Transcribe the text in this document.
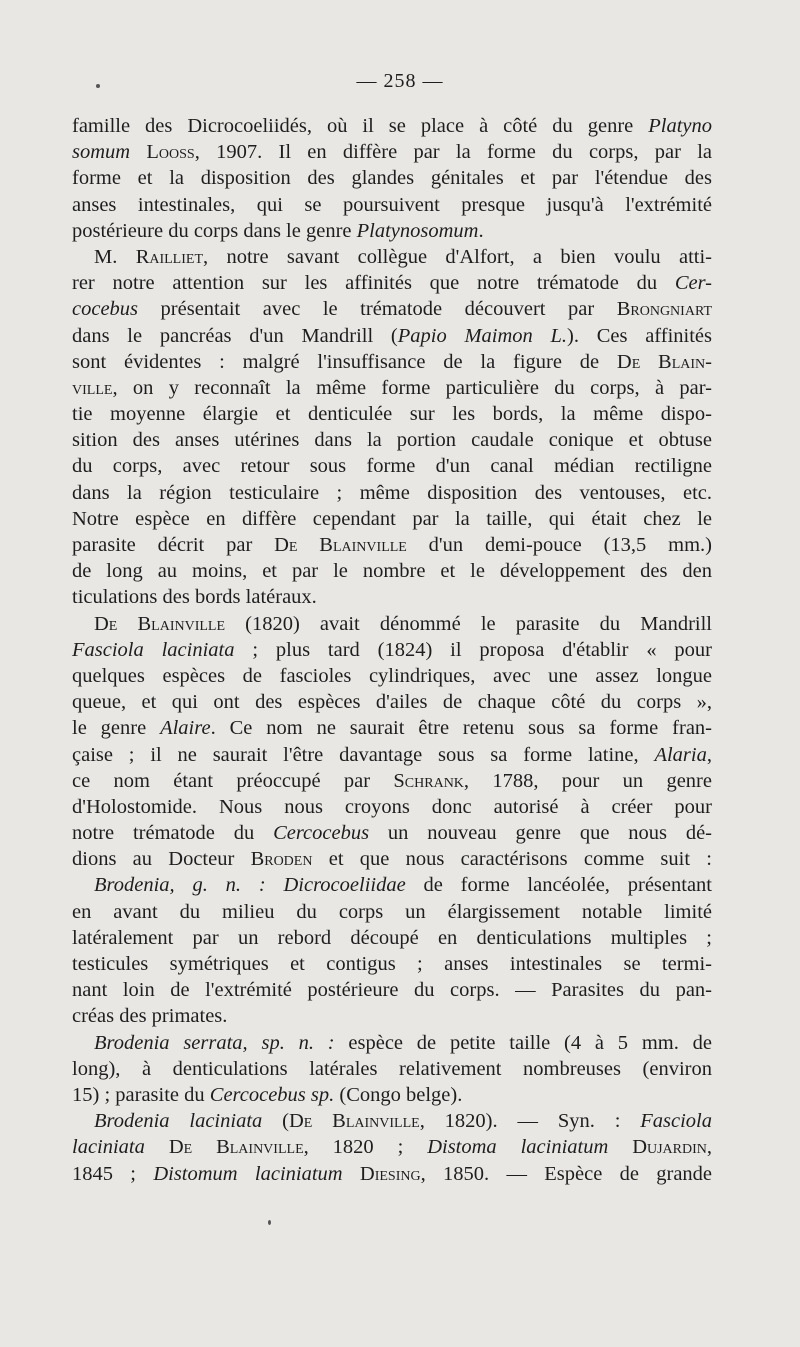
— 258 —
famille des Dicrocoeliidés, où il se place à côté du genre Platyno
somum Looss, 1907. Il en diffère par la forme du corps, par la
forme et la disposition des glandes génitales et par l'étendue des
anses intestinales, qui se poursuivent presque jusqu'à l'extrémité
postérieure du corps dans le genre Platynosomum.
M. Railliet, notre savant collègue d'Alfort, a bien voulu atti-
rer notre attention sur les affinités que notre trématode du Cer-
cocebus présentait avec le trématode découvert par Brongniart
dans le pancréas d'un Mandrill (Papio Maimon L.). Ces affinités
sont évidentes : malgré l'insuffisance de la figure de De Blain-
ville, on y reconnaît la même forme particulière du corps, à par-
tie moyenne élargie et denticulée sur les bords, la même dispo-
sition des anses utérines dans la portion caudale conique et obtuse
du corps, avec retour sous forme d'un canal médian rectiligne
dans la région testiculaire ; même disposition des ventouses, etc.
Notre espèce en diffère cependant par la taille, qui était chez le
parasite décrit par De Blainville d'un demi-pouce (13,5 mm.)
de long au moins, et par le nombre et le développement des den
ticulations des bords latéraux.
De Blainville (1820) avait dénommé le parasite du Mandrill
Fasciola laciniata ; plus tard (1824) il proposa d'établir « pour
quelques espèces de fascioles cylindriques, avec une assez longue
queue, et qui ont des espèces d'ailes de chaque côté du corps »,
le genre Alaire. Ce nom ne saurait être retenu sous sa forme fran-
çaise ; il ne saurait l'être davantage sous sa forme latine, Alaria,
ce nom étant préoccupé par Schrank, 1788, pour un genre
d'Holostomide. Nous nous croyons donc autorisé à créer pour
notre trématode du Cercocebus un nouveau genre que nous dé-
dions au Docteur Broden et que nous caractérisons comme suit :
Brodenia, g. n. : Dicrocoeliidae de forme lancéolée, présentant
en avant du milieu du corps un élargissement notable limité
latéralement par un rebord découpé en denticulations multiples ;
testicules symétriques et contigus ; anses intestinales se termi-
nant loin de l'extrémité postérieure du corps. — Parasites du pan-
créas des primates.
Brodenia serrata, sp. n. : espèce de petite taille (4 à 5 mm. de
long), à denticulations latérales relativement nombreuses (environ
15) ; parasite du Cercocebus sp. (Congo belge).
Brodenia laciniata (De Blainville, 1820). — Syn. : Fasciola
laciniata De Blainville, 1820 ; Distoma laciniatum Dujardin,
1845 ; Distomum laciniatum Diesing, 1850. — Espèce de grande
